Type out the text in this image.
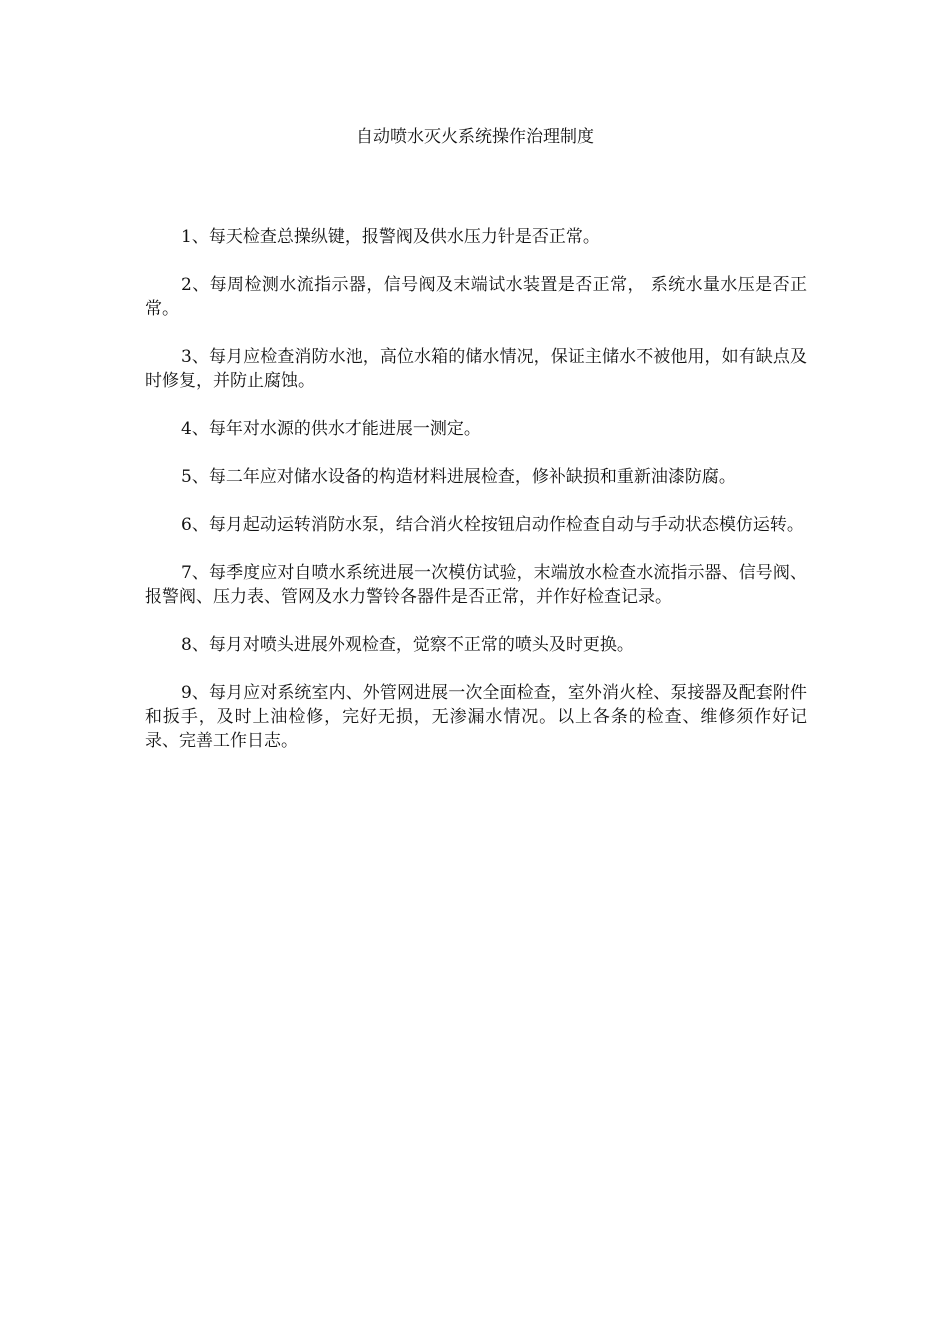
自动喷水灭火系统操作治理制度

1、每天检查总操纵键，报警阀及供水压力针是否正常。

2、每周检测水流指示器，信号阀及末端试水装置是否正常， 系统水量水压是否正常。

3、每月应检查消防水池，高位水箱的储水情况，保证主储水不被他用，如有缺点及时修复，并防止腐蚀。

4、每年对水源的供水才能进展一测定。

5、每二年应对储水设备的构造材料进展检查，修补缺损和重新油漆防腐。

6、每月起动运转消防水泵，结合消火栓按钮启动作检查自动与手动状态模仿运转。

7、每季度应对自喷水系统进展一次模仿试验，末端放水检查水流指示器、信号阀、报警阀、压力表、管网及水力警铃各器件是否正常，并作好检查记录。

8、每月对喷头进展外观检查，觉察不正常的喷头及时更换。

9、每月应对系统室内、外管网进展一次全面检查，室外消火栓、泵接器及配套附件和扳手，及时上油检修，完好无损，无渗漏水情况。以上各条的检查、维修须作好记录、完善工作日志。
